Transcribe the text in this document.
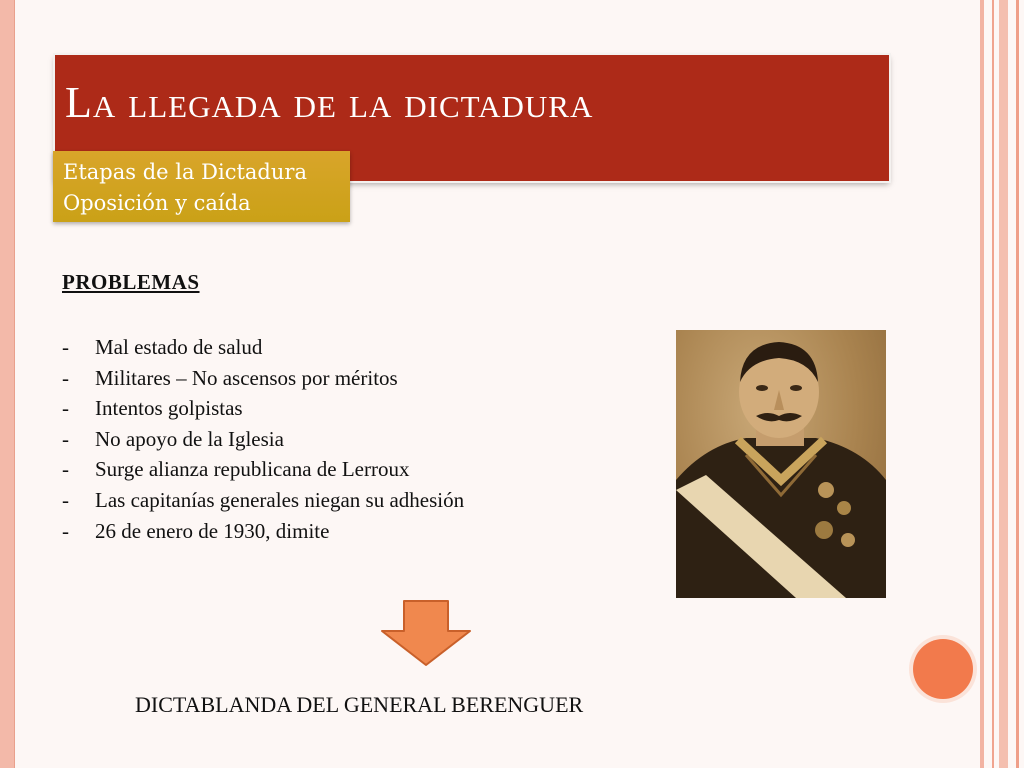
La llegada de la dictadura
Etapas de la Dictadura
Oposición y caída
PROBLEMAS
-	Mal estado de salud
-	Militares – No ascensos por méritos
-	Intentos golpistas
-	No apoyo de la Iglesia
-	Surge alianza republicana de Lerroux
-	Las capitanías generales niegan su adhesión
-	26 de enero de 1930, dimite

DICTABLANDA DEL GENERAL BERENGUER
